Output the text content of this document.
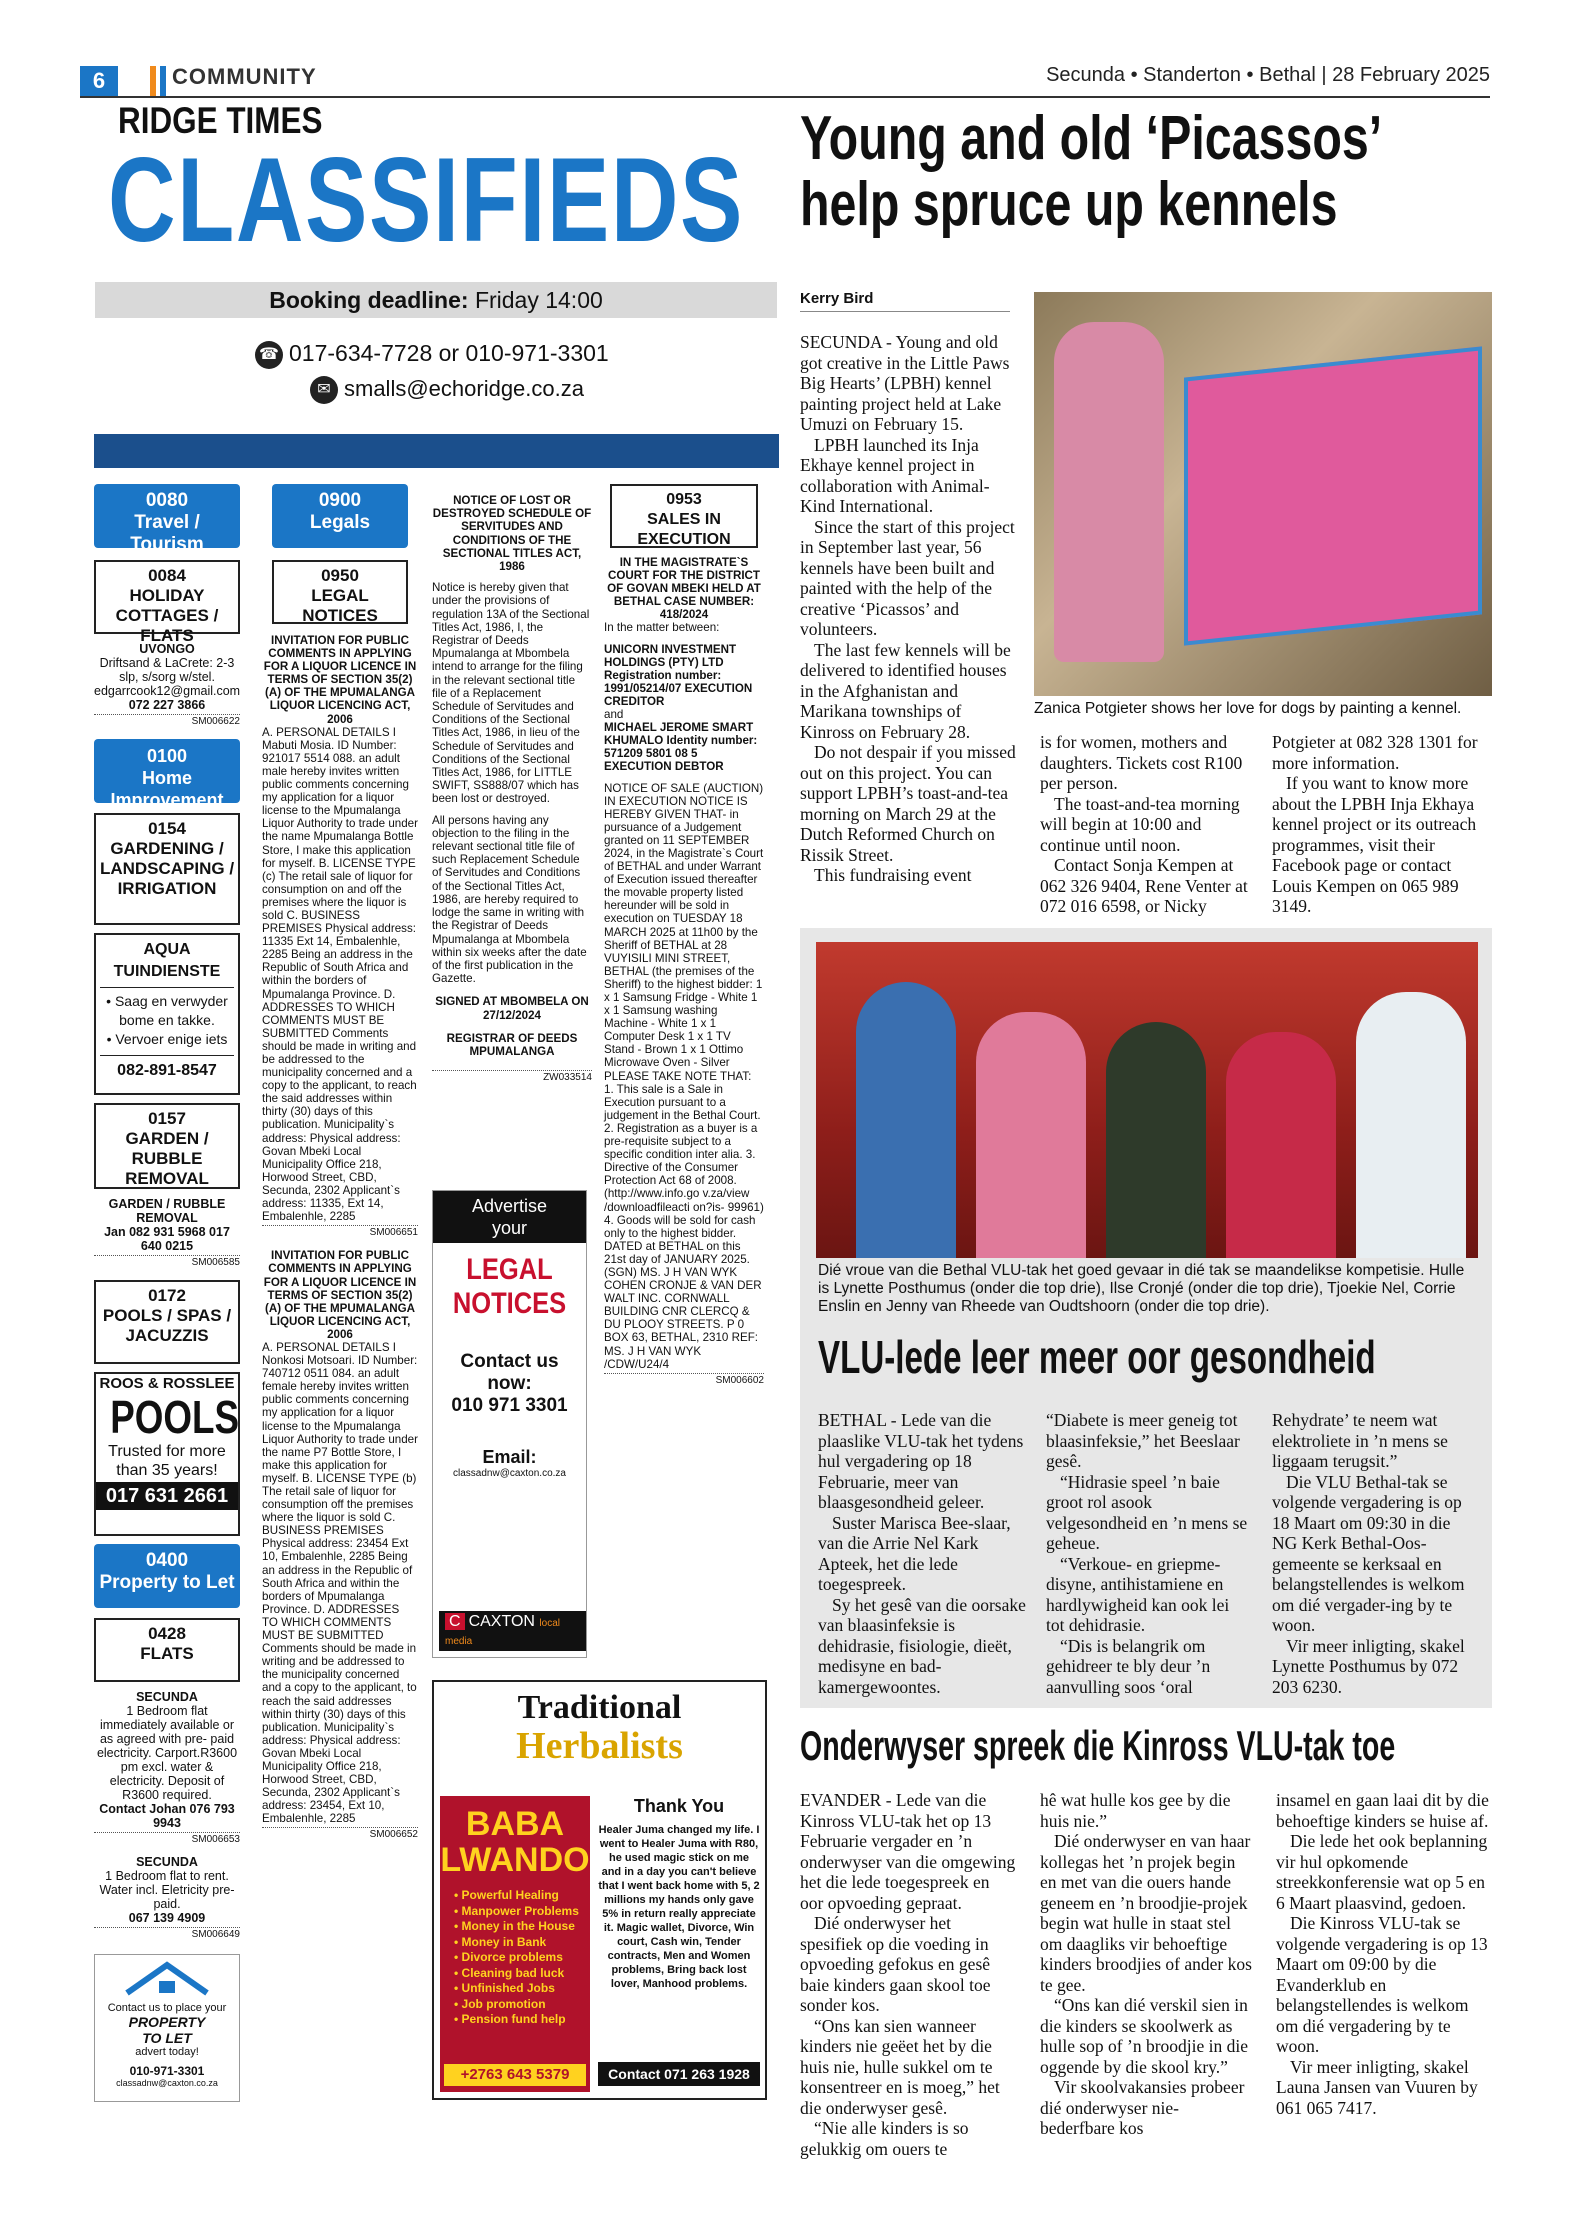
6	COMMUNITY	Secunda • Standerton • Bethal | 28 February 2025
RIDGE TIMES
CLASSIFIEDS
Booking deadline: Friday 14:00
☎ 017-634-7728 or 010-971-3301
✉ smalls@echoridge.co.za
0080
Travel / Tourism
0084
HOLIDAY COTTAGES / FLATS

UVONGO

Driftsand & LaCrete: 2-3 slp, s/sorg w/stel. edgarrcook12@gmail.com

072 227 3866

SM006622
0100
Home Improvement
0154
GARDENING / LANDSCAPING / IRRIGATION

AQUA TUINDIENSTE

• Saag en verwyder bome en takke.

• Vervoer enige iets

082-891-8547

0157
GARDEN / RUBBLE REMOVAL

GARDEN / RUBBLE REMOVAL

Jan 082 931 5968 017 640 0215

SM006585
0172
POOLS / SPAS / JACUZZIS

ROOS & ROSSLEE

POOLS

Trusted for more than 35 years!

017 631 2661

0400
Property to Let
0428
FLATS

SECUNDA

1 Bedroom flat immediately available or as agreed with pre- paid electricity. Carport.R3600 pm excl. water & electricity. Deposit of R3600 required.

Contact Johan 076 793 9943

SM006653

SECUNDA

1 Bedroom flat to rent. Water incl. Eletricity pre-paid.

067 139 4909

SM006649

Contact us to place your

PROPERTY TO LET

advert today!

010-971-3301

classadnw@caxton.co.za

0900
Legals
0950
LEGAL NOTICES

INVITATION FOR PUBLIC COMMENTS IN APPLYING FOR A LIQUOR LICENCE IN TERMS OF SECTION 35(2)(A) OF THE MPUMALANGA LIQUOR LICENCING ACT, 2006

A. PERSONAL DETAILS I Mabuti Mosia. ID Number: 921017 5514 088. an adult male hereby invites written public comments concerning my application for a liquor license to the Mpumalanga Liquor Authority to trade under the name Mpumalanga Bottle Store, I make this application for myself. B. LICENSE TYPE (c) The retail sale of liquor for consumption on and off the premises where the liquor is sold C. BUSINESS PREMISES Physical address: 11335 Ext 14, Embalenhle, 2285 Being an address in the Republic of South Africa and within the borders of Mpumalanga Province. D. ADDRESSES TO WHICH COMMENTS MUST BE SUBMITTED Comments should be made in writing and be addressed to the municipality concerned and a copy to the applicant, to reach the said addresses within thirty (30) days of this publication. Municipality`s address: Physical address: Govan Mbeki Local Municipality Office 218, Horwood Street, CBD, Secunda, 2302 Applicant`s address: 11335, Ext 14, Embalenhle, 2285

SM006651

INVITATION FOR PUBLIC COMMENTS IN APPLYING FOR A LIQUOR LICENCE IN TERMS OF SECTION 35(2)(A) OF THE MPUMALANGA LIQUOR LICENCING ACT, 2006

A. PERSONAL DETAILS I Nonkosi Motsoari. ID Number: 740712 0511 084. an adult female hereby invites written public comments concerning my application for a liquor license to the Mpumalanga Liquor Authority to trade under the name P7 Bottle Store, I make this application for myself. B. LICENSE TYPE (b) The retail sale of liquor for consumption off the premises where the liquor is sold C. BUSINESS PREMISES Physical address: 23454 Ext 10, Embalenhle, 2285 Being an address in the Republic of South Africa and within the borders of Mpumalanga Province. D. ADDRESSES TO WHICH COMMENTS MUST BE SUBMITTED Comments should be made in writing and be addressed to the municipality concerned and a copy to the applicant, to reach the said addresses within thirty (30) days of this publication. Municipality`s address: Physical address: Govan Mbeki Local Municipality Office 218, Horwood Street, CBD, Secunda, 2302 Applicant`s address: 23454, Ext 10, Embalenhle, 2285

SM006652

NOTICE OF LOST OR DESTROYED SCHEDULE OF SERVITUDES AND CONDITIONS OF THE SECTIONAL TITLES ACT, 1986

Notice is hereby given that under the provisions of regulation 13A of the Sectional Titles Act, 1986, I, the Registrar of Deeds Mpumalanga at Mbombela intend to arrange for the filing in the relevant sectional title file of a Replacement Schedule of Servitudes and Conditions of the Sectional Titles Act, 1986, in lieu of the Schedule of Servitudes and Conditions of the Sectional Titles Act, 1986, for LITTLE SWIFT, SS888/07 which has been lost or destroyed.

All persons having any objection to the filing in the relevant sectional title file of such Replacement Schedule of Servitudes and Conditions of the Sectional Titles Act, 1986, are hereby required to lodge the same in writing with the Registrar of Deeds Mpumalanga at Mbombela within six weeks after the date of the first publication in the Gazette.

SIGNED AT MBOMBELA ON 27/12/2024

REGISTRAR OF DEEDS MPUMALANGA

ZW033514

Advertise

your

LEGAL

NOTICES

Contact us now:

010 971 3301

Email:

classadnw@caxton.co.za

C CAXTON local media
0953
SALES IN EXECUTION

IN THE MAGISTRATE`S COURT FOR THE DISTRICT OF GOVAN MBEKI HELD AT BETHAL CASE NUMBER: 418/2024

In the matter between:

UNICORN INVESTMENT HOLDINGS (PTY) LTD Registration number: 1991/05214/07 EXECUTION CREDITOR

and

MICHAEL JEROME SMART KHUMALO Identity number: 571209 5801 08 5 EXECUTION DEBTOR

NOTICE OF SALE (AUCTION) IN EXECUTION NOTICE IS HEREBY GIVEN THAT- in pursuance of a Judgement granted on 11 SEPTEMBER 2024, in the Magistrate`s Court of BETHAL and under Warrant of Execution issued thereafter the movable property listed hereunder will be sold in execution on TUESDAY 18 MARCH 2025 at 11h00 by the Sheriff of BETHAL at 28 VUYISILI MINI STREET, BETHAL (the premises of the Sheriff) to the highest bidder: 1 x 1 Samsung Fridge - White 1 x 1 Samsung washing Machine - White 1 x 1 Computer Desk 1 x 1 TV Stand - Brown 1 x 1 Ottimo Microwave Oven - Silver PLEASE TAKE NOTE THAT: 1. This sale is a Sale in Execution pursuant to a judgement in the Bethal Court. 2. Registration as a buyer is a pre-requisite subject to a specific condition inter alia. 3. Directive of the Consumer Protection Act 68 of 2008. (http://www.info.go v.za/view /downloadfileacti on?is- 99961) 4. Goods will be sold for cash only to the highest bidder. DATED at BETHAL on this 21st day of JANUARY 2025. (SGN) MS. J H VAN WYK COHEN CRONJE & VAN DER WALT INC. CORNWALL BUILDING CNR CLERCQ & DU PLOOY STREETS. P 0 BOX 63, BETHAL, 2310 REF: MS. J H VAN WYK /CDW/U24/4

SM006602

Traditional

Herbalists

BABA

LWANDO

• Powerful Healing

• Manpower Problems

• Money in the House

• Money in Bank

• Divorce problems

• Cleaning bad luck

• Unfinished Jobs

• Job promotion

• Pension fund help

+2763 643 5379

Thank You

Healer Juma changed my life. I went to Healer Juma with R80, he used magic stick on me and in a day you can't believe that I went back home with 5, 2 millions my hands only gave 5% in return really appreciate it. Magic wallet, Divorce, Win court, Cash win, Tender contracts, Men and Women problems, Bring back lost lover, Manhood problems.

Contact 071 263 1928

Young and old ‘Picassos’ help spruce up kennels
Kerry Bird
Zanica Potgieter shows her love for dogs by painting a kennel.

SECUNDA - Young and old got creative in the Little Paws Big Hearts’ (LPBH) kennel painting project held at Lake Umuzi on February 15.

LPBH launched its Inja Ekhaye kennel project in collaboration with Animal-Kind International.

Since the start of this project in September last year, 56 kennels have been built and painted with the help of the creative ‘Picassos’ and volunteers.

The last few kennels will be delivered to identified houses in the Afghanistan and Marikana townships of Kinross on February 28.

Do not despair if you missed out on this project. You can support LPBH’s toast-and-tea morning on March 29 at the Dutch Reformed Church on Rissik Street.

This fundraising event

is for women, mothers and daughters. Tickets cost R100 per person.

The toast-and-tea morning will begin at 10:00 and continue until noon.

Contact Sonja Kempen at 062 326 9404, Rene Venter at 072 016 6598, or Nicky

Potgieter at 082 328 1301 for more information.

If you want to know more about the LPBH Inja Ekhaya kennel project or its outreach programmes, visit their Facebook page or contact Louis Kempen on 065 989 3149.

Dié vroue van die Bethal VLU-tak het goed gevaar in dié tak se maandelikse kompetisie. Hulle is Lynette Posthumus (onder die top drie), Ilse Cronjé (onder die top drie), Tjoekie Nel, Corrie Enslin en Jenny van Rheede van Oudtshoorn (onder die top drie).
VLU-lede leer meer oor gesondheid

BETHAL - Lede van die plaaslike VLU-tak het tydens hul vergadering op 18 Februarie, meer van blaasgesondheid geleer.

Suster Marisca Bee-slaar, van die Arrie Nel Kark Apteek, het die lede toegespreek.

Sy het gesê van die oorsake van blaasinfeksie is dehidrasie, fisiologie, dieët, medisyne en bad-kamergewoontes.

“Diabete is meer geneig tot blaasinfeksie,” het Beeslaar gesê.

“Hidrasie speel ’n baie groot rol asook velgesondheid en ’n mens se geheue.

“Verkoue- en griepme-disyne, antihistamiene en hardlywigheid kan ook lei tot dehidrasie.

“Dis is belangrik om gehidreer te bly deur ’n aanvulling soos ‘oral

Rehydrate’ te neem wat elektroliete in ’n mens se liggaam terugsit.”

Die VLU Bethal-tak se volgende vergadering is op 18 Maart om 09:30 in die NG Kerk Bethal-Oos-gemeente se kerksaal en belangstellendes is welkom om dié vergader-ing by te woon.

Vir meer inligting, skakel Lynette Posthumus by 072 203 6230.

Onderwyser spreek die Kinross VLU-tak toe

EVANDER - Lede van die Kinross VLU-tak het op 13 Februarie vergader en ’n onderwyser van die omgewing het die lede toegespreek en oor opvoeding gepraat.

Dié onderwyser het spesifiek op die voeding in opvoeding gefokus en gesê baie kinders gaan skool toe sonder kos.

“Ons kan sien wanneer kinders nie geëet het by die huis nie, hulle sukkel om te konsentreer en is moeg,” het die onderwyser gesê.

“Nie alle kinders is so gelukkig om ouers te

hê wat hulle kos gee by die huis nie.”

Dié onderwyser en van haar kollegas het ’n projek begin en met van die ouers hande geneem en ’n broodjie-projek begin wat hulle in staat stel om daagliks vir behoeftige kinders broodjies of ander kos te gee.

“Ons kan dié verskil sien in die kinders se skoolwerk as hulle sop of ’n broodjie in die oggende by die skool kry.”

Vir skoolvakansies probeer dié onderwyser nie-bederfbare kos

insamel en gaan laai dit by die behoeftige kinders se huise af.

Die lede het ook beplanning vir hul opkomende streekkonferensie wat op 5 en 6 Maart plaasvind, gedoen.

Die Kinross VLU-tak se volgende vergadering is op 13 Maart om 09:00 by die Evanderklub en belangstellendes is welkom om dié vergadering by te woon.

Vir meer inligting, skakel Launa Jansen van Vuuren by 061 065 7417.
